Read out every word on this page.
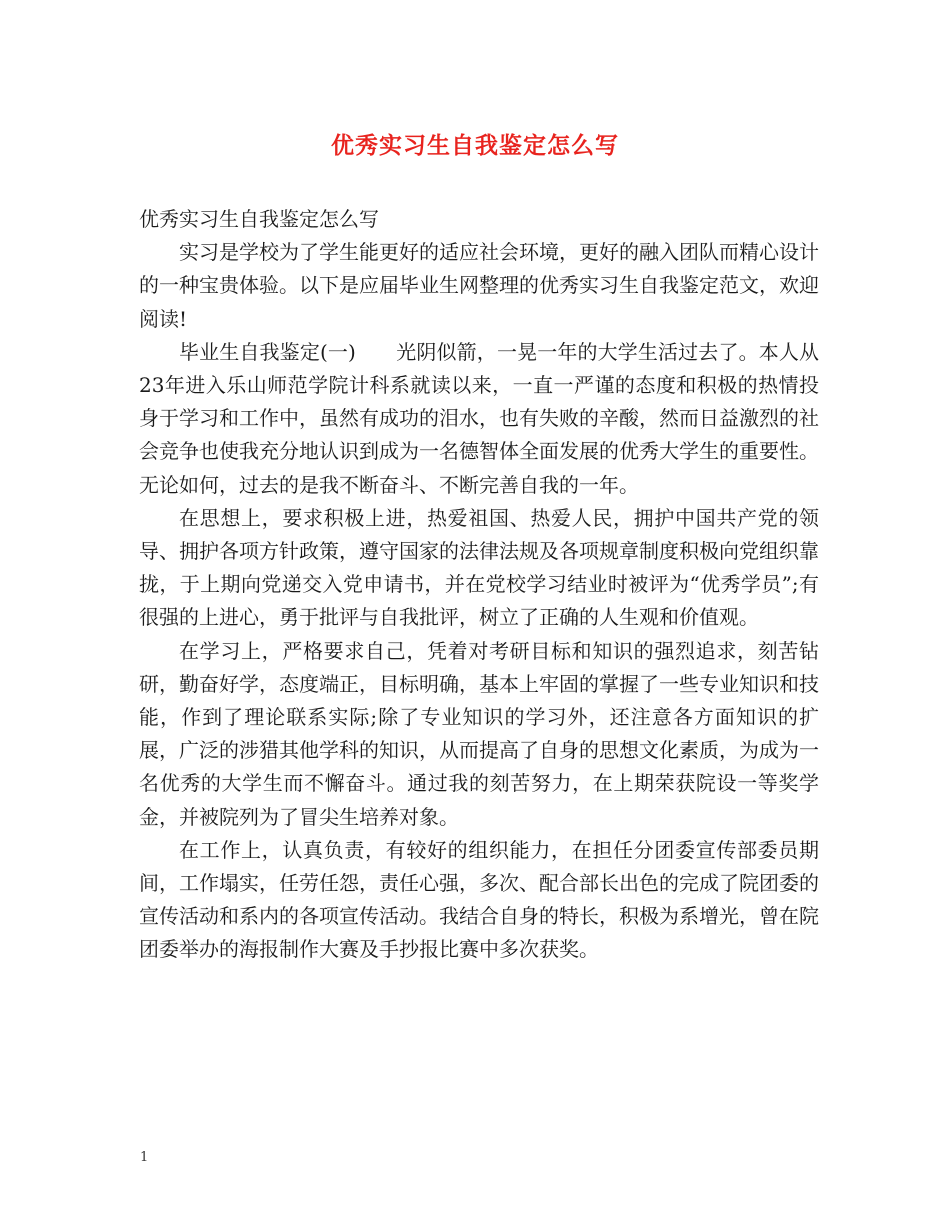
优秀实习生自我鉴定怎么写

优秀实习生自我鉴定怎么写

实习是学校为了学生能更好的适应社会环境，更好的融入团队而精心设计的一种宝贵体验。以下是应届毕业生网整理的优秀实习生自我鉴定范文，欢迎阅读!

毕业生自我鉴定(一)　　光阴似箭，一晃一年的大学生活过去了。本人从23年进入乐山师范学院计科系就读以来，一直一严谨的态度和积极的热情投身于学习和工作中，虽然有成功的泪水，也有失败的辛酸，然而日益激烈的社会竞争也使我充分地认识到成为一名德智体全面发展的优秀大学生的重要性。无论如何，过去的是我不断奋斗、不断完善自我的一年。

在思想上，要求积极上进，热爱祖国、热爱人民，拥护中国共产党的领导、拥护各项方针政策，遵守国家的法律法规及各项规章制度积极向党组织靠拢，于上期向党递交入党申请书，并在党校学习结业时被评为“优秀学员”;有很强的上进心，勇于批评与自我批评，树立了正确的人生观和价值观。

在学习上，严格要求自己，凭着对考研目标和知识的强烈追求，刻苦钻研，勤奋好学，态度端正，目标明确，基本上牢固的掌握了一些专业知识和技能，作到了理论联系实际;除了专业知识的学习外，还注意各方面知识的扩展，广泛的涉猎其他学科的知识，从而提高了自身的思想文化素质，为成为一名优秀的大学生而不懈奋斗。通过我的刻苦努力，在上期荣获院设一等奖学金，并被院列为了冒尖生培养对象。

在工作上，认真负责，有较好的组织能力，在担任分团委宣传部委员期间，工作塌实，任劳任怨，责任心强，多次、配合部长出色的完成了院团委的宣传活动和系内的各项宣传活动。我结合自身的特长，积极为系增光，曾在院团委举办的海报制作大赛及手抄报比赛中多次获奖。

1
